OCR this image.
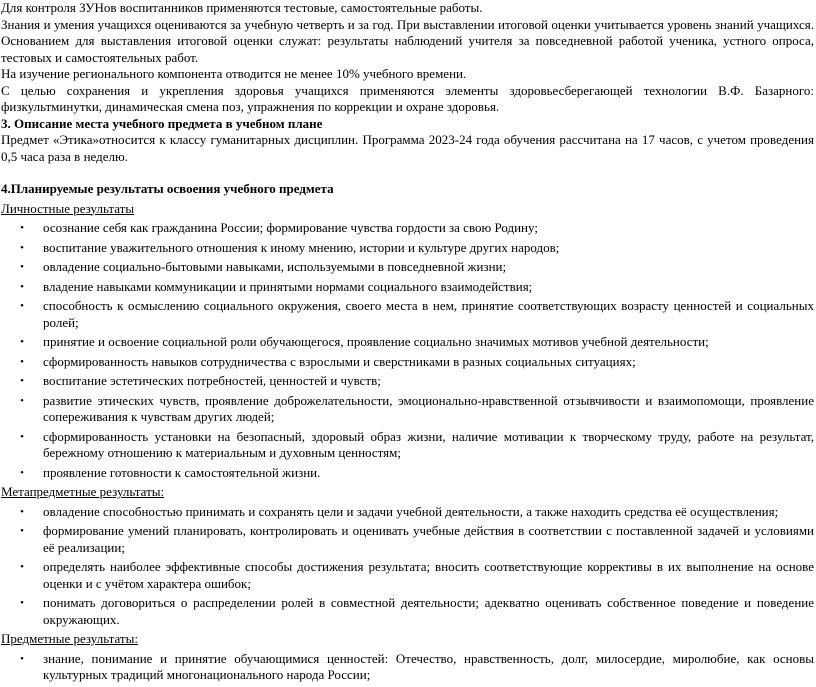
Для контроля ЗУНов воспитанников применяются тестовые, самостоятельные работы.

Знания и умения учащихся оцениваются за учебную четверть и за год. При выставлении итоговой оценки учитывается уровень знаний учащихся. Основанием для выставления итоговой оценки служат: результаты наблюдений учителя за повседневной работой ученика, устного опроса, тестовых и самостоятельных работ.

На изучение регионального компонента отводится не менее 10% учебного времени.

С целью сохранения и укрепления здоровья учащихся применяются элементы здоровьесберегающей технологии В.Ф. Базарного: физкультминутки, динамическая смена поз, упражнения по коррекции и охране здоровья.

3. Описание места учебного предмета в учебном плане

Предмет «Этика»относится к классу гуманитарных дисциплин. Программа 2023-24 года обучения рассчитана на 17 часов, с учетом проведения 0,5 часа раза в неделю.

4.Планируемые результаты освоения учебного предмета

Личностные результаты

• осознание себя как гражданина России; формирование чувства гордости за свою Родину;
• воспитание уважительного отношения к иному мнению, истории и культуре других народов;
• овладение социально-бытовыми навыками, используемыми в повседневной жизни;
• владение навыками коммуникации и принятыми нормами социального взаимодействия;
• способность к осмыслению социального окружения, своего места в нем, принятие соответствующих возрасту ценностей и социальных ролей;
• принятие и освоение социальной роли обучающегося, проявление социально значимых мотивов учебной деятельности;
• сформированность навыков сотрудничества с взрослыми и сверстниками в разных социальных ситуациях;
• воспитание эстетических потребностей, ценностей и чувств;
• развитие этических чувств, проявление доброжелательности, эмоционально-нравственной отзывчивости и взаимопомощи, проявление сопереживания к чувствам других людей;
• сформированность установки на безопасный, здоровый образ жизни, наличие мотивации к творческому труду, работе на результат, бережному отношению к материальным и духовным ценностям;
• проявление готовности к самостоятельной жизни.

Метапредметные результаты:

• овладение способностью принимать и сохранять цели и задачи учебной деятельности, а также находить средства её осуществления;
• формирование умений планировать, контролировать и оценивать учебные действия в соответствии с поставленной задачей и условиями её реализации;
• определять наиболее эффективные способы достижения результата; вносить соответствующие коррективы в их выполнение на основе оценки и с учётом характера ошибок;
• понимать договориться о распределении ролей в совместной деятельности; адекватно оценивать собственное поведение и поведение окружающих.

Предметные результаты:

• знание, понимание и принятие обучающимися ценностей: Отечество, нравственность, долг, милосердие, миролюбие, как основы культурных традиций многонационального народа России;
